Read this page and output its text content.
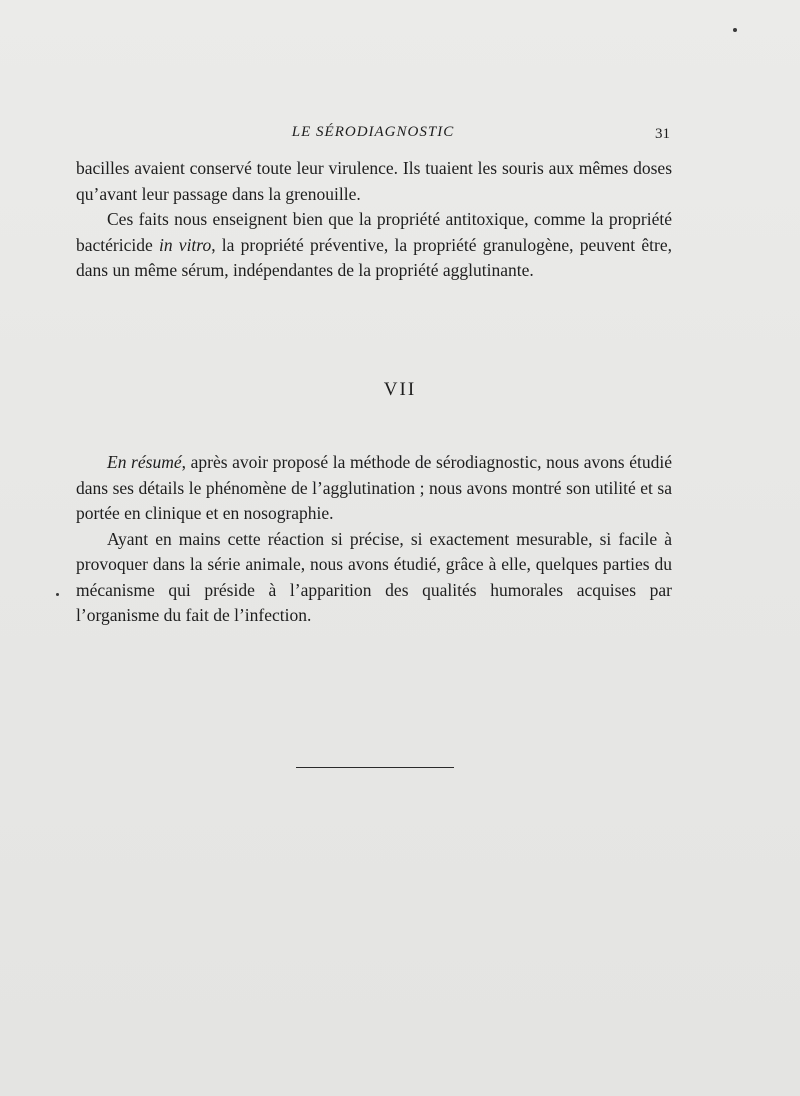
LE SÉRODIAGNOSTIC	31

bacilles avaient conservé toute leur virulence. Ils tuaient les souris aux mêmes doses qu’avant leur passage dans la grenouille.

Ces faits nous enseignent bien que la propriété antitoxique, comme la propriété bactéricide in vitro, la propriété préventive, la propriété granulogène, peuvent être, dans un même sérum, indépendantes de la propriété agglutinante.

VII

En résumé, après avoir proposé la méthode de sérodiagnostic, nous avons étudié dans ses détails le phénomène de l’agglutination ; nous avons montré son utilité et sa portée en clinique et en nosographie.

Ayant en mains cette réaction si précise, si exactement mesurable, si facile à provoquer dans la série animale, nous avons étudié, grâce à elle, quelques parties du mécanisme qui préside à l’apparition des qualités humorales acquises par l’organisme du fait de l’infection.
